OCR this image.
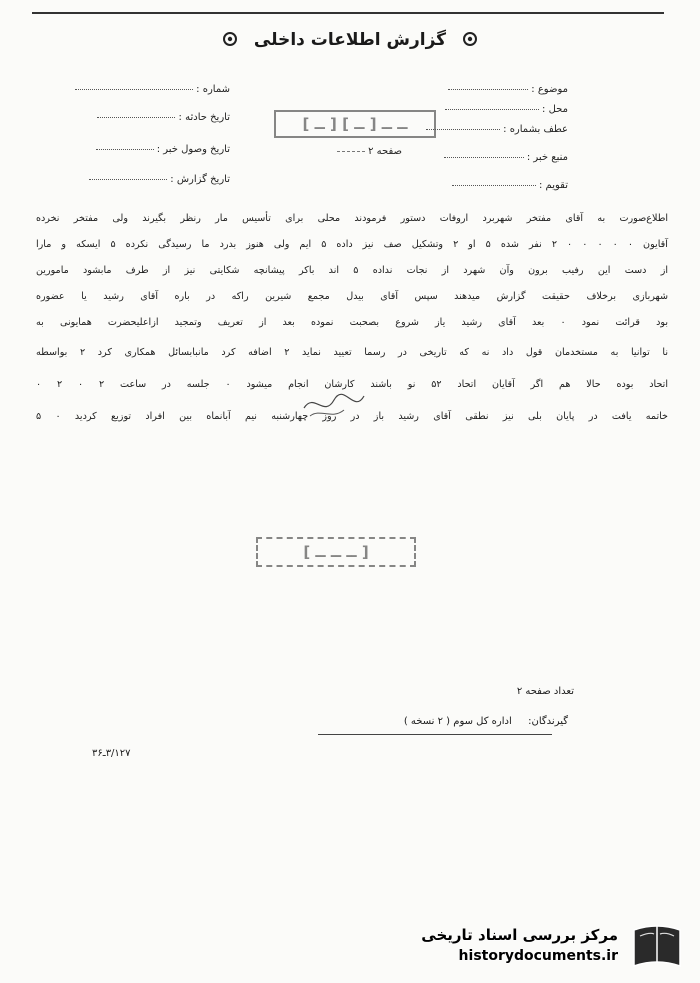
گزارش اطلاعات داخلی
موضوع :
محل :
عطف بشماره :
منبع خبر :
تقویم :
صفحه ۲
شماره :
تاریخ حادثه :
تاریخ وصول خبر :
تاریخ گزارش :
[ ــ ] ــ ــ [ ــ ]
[ ــ ــ ــ ]
اطلاع‌صورت به آقای مفتخر شهربرد اروفات دستور فرمودند محلی برای تأسیس مار رنظر بگیرند ولی مفتخر نخرده
آقایون ۰ ۰ ۰ ۰ ۰ ۲ نفر شده ۵ او ۲ وتشکیل صف نیز داده ۵ ایم ولی هنوز بدرد ما رسیدگی نکرده ۵ ایسکه و مارا
از دست این رفیب برون وآن شهرد از نجات نداده ۵ اند باکر پیشانچه شکایتی نیز از طرف مابشود مامورین
شهربازی برخلاف حقیقت گزارش میدهند سپس آقای بیدل مجمع شیرین راکه در باره آقای رشید یا عضوره
بود قرائت نمود ۰ بعد آقای رشید یاز شروع بصحبت نموده بعد از تعریف وتمجید ازاعلیحضرت همایونی به
نا توانیا به مستخدمان قول داد نه که تاریخی در رسما تعیید نماید ۲ اضافه کرد مانبابسائل همکاری کرد ۲ بواسطه
اتحاد بوده حالا هم اگر آقایان اتحاد ۵۲ نو باشند کارشان انجام میشود ۰ جلسه در ساعت ۲ ۰ ۲ ۰
خاتمه یافت در پایان بلی نیز نطقی آقای رشید باز در روز چهارشنبه نیم آبانماه بین افراد توزیع کردید ۰ ۵
تعداد صفحه ۲
گیرندگان:  اداره کل سوم ( ۲ نسخه )
۳/۱۲۷ـ۳۶
مرکز بررسی اسناد تاریخی
historydocuments.ir
